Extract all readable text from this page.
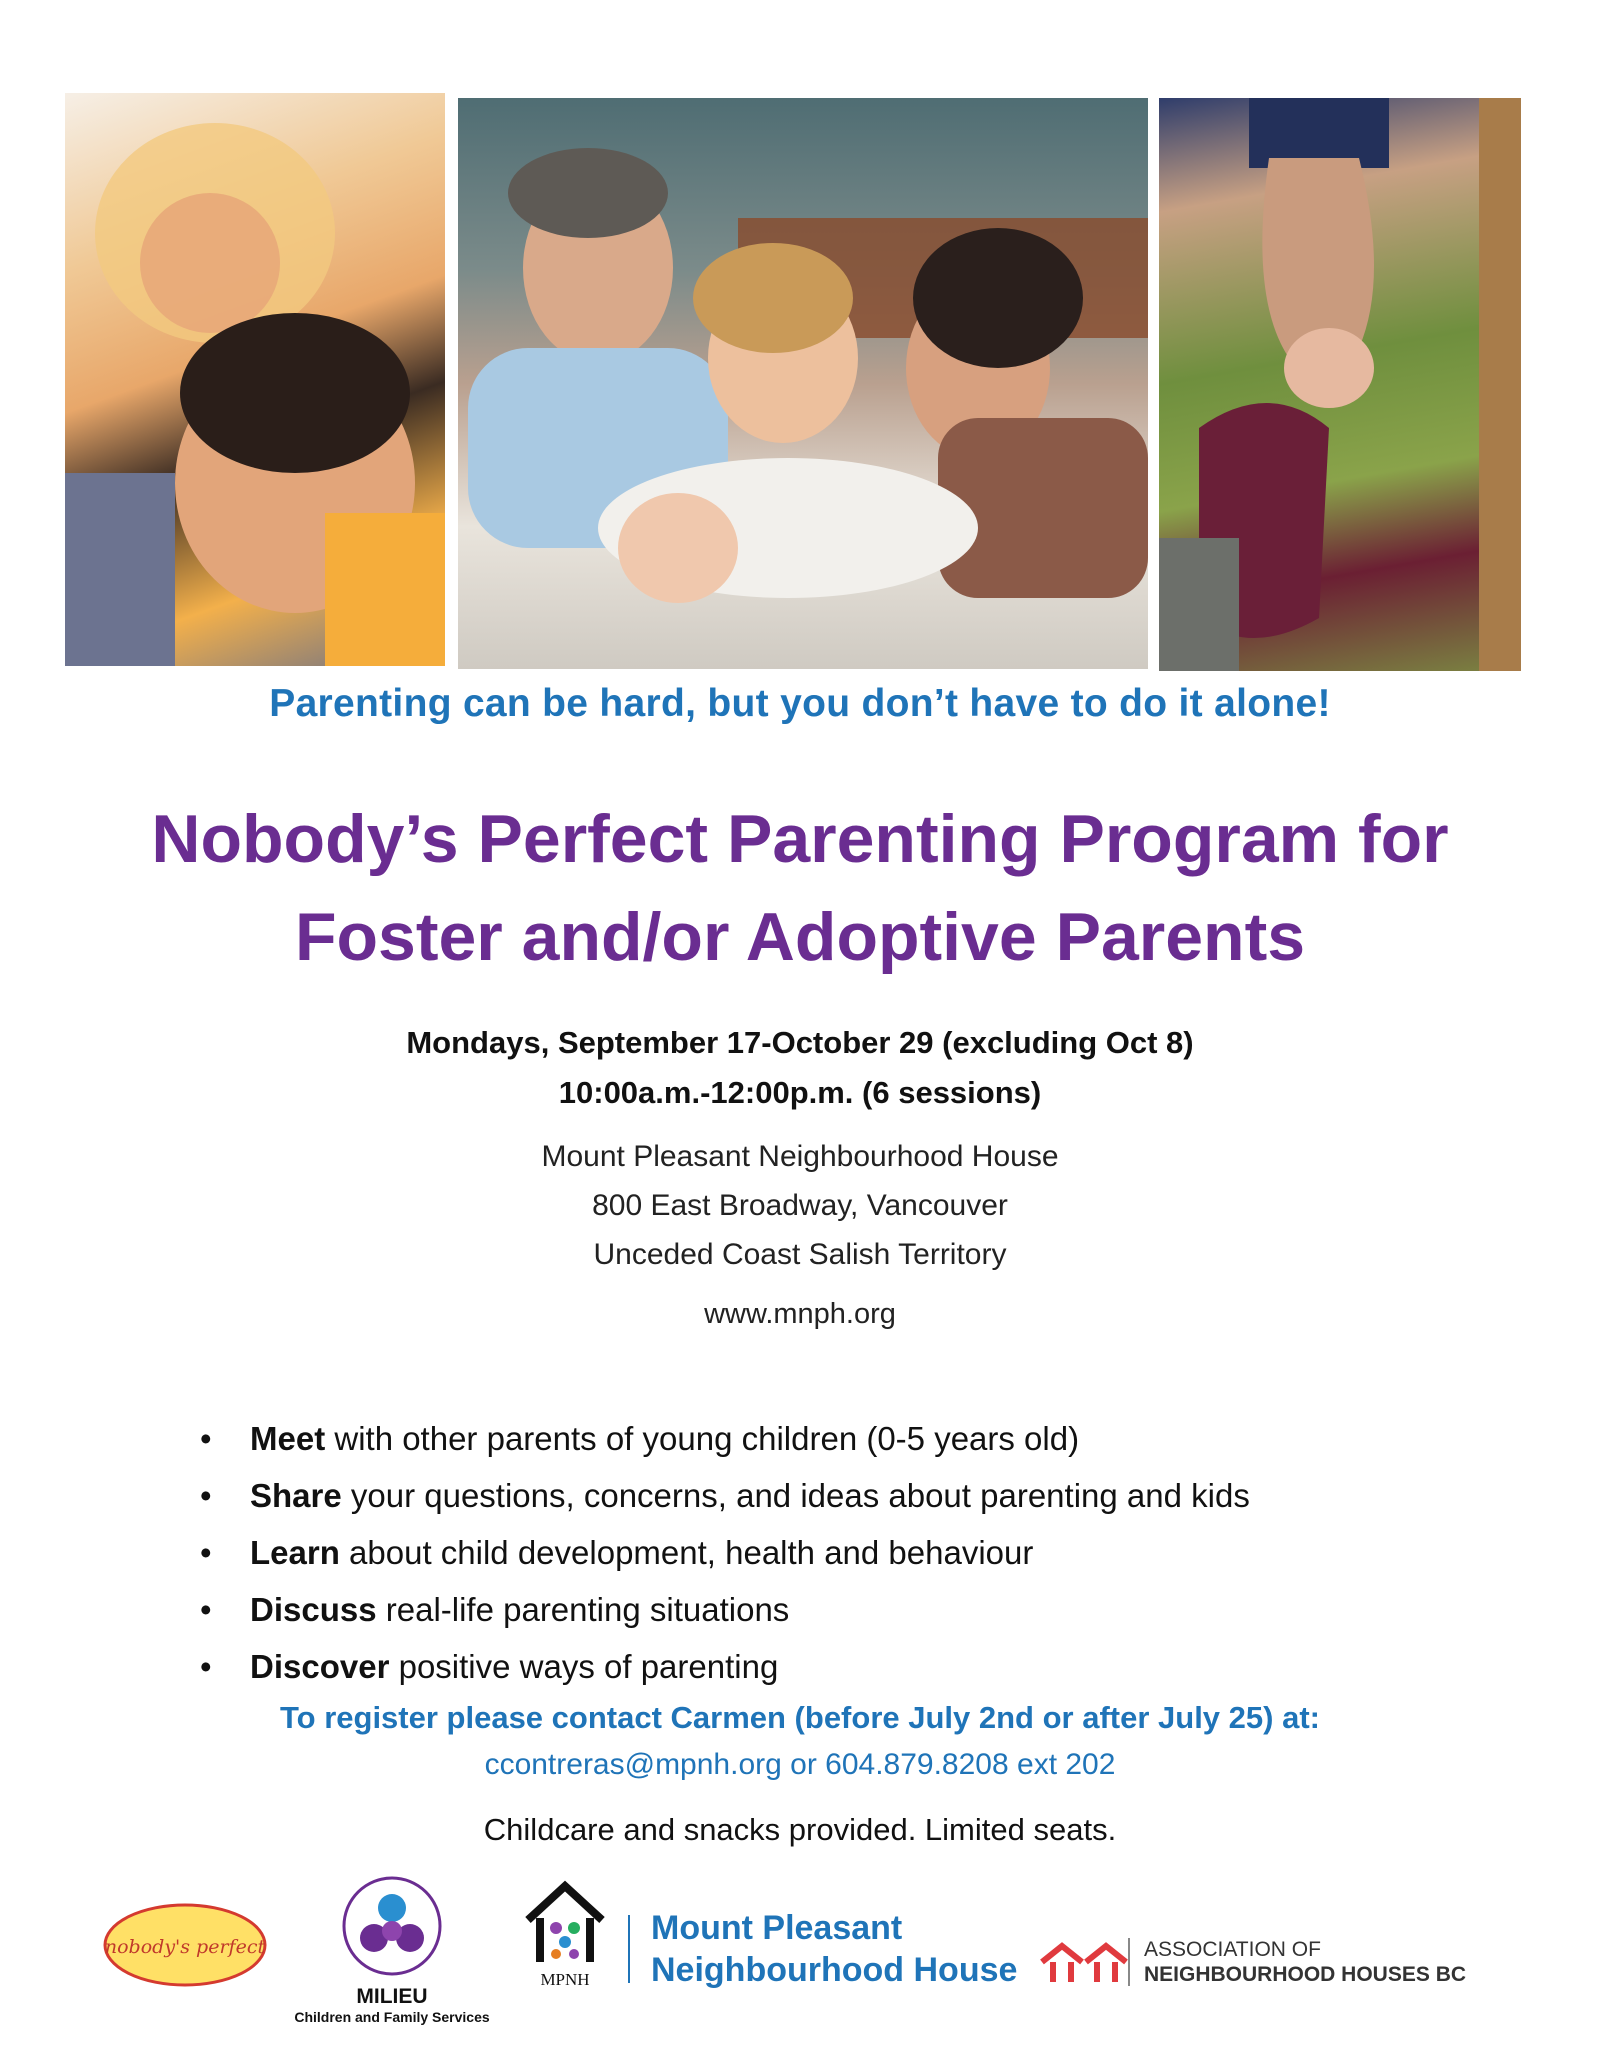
Parenting can be hard, but you don’t have to do it alone!
Nobody’s Perfect Parenting Program for
Foster and/or Adoptive Parents
Mondays, September 17-October 29 (excluding Oct 8)
10:00a.m.-12:00p.m. (6 sessions)
Mount Pleasant Neighbourhood House
800 East Broadway, Vancouver
Unceded Coast Salish Territory
www.mnph.org
• Meet with other parents of young children (0-5 years old)
• Share your questions, concerns, and ideas about parenting and kids
• Learn about child development, health and behaviour
• Discuss real-life parenting situations
• Discover positive ways of parenting
To register please contact Carmen (before July 2nd or after July 25) at:
ccontreras@mpnh.org or 604.879.8208 ext 202
Childcare and snacks provided. Limited seats.
nobody's perfect
MILIEU
Children and Family Services
MPNH
Mount Pleasant
Neighbourhood House
ASSOCIATION OF
NEIGHBOURHOOD HOUSES BC
